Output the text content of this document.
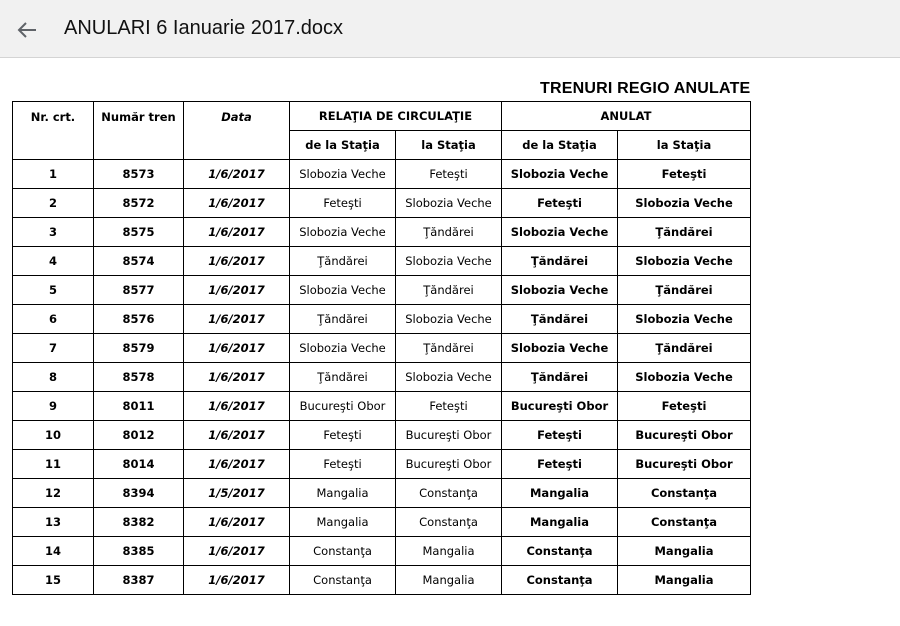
ANULARI 6 Ianuarie 2017.docx
TRENURI REGIO ANULATE
Nr. crt.	Număr tren	Data	RELAŢIA DE CIRCULAŢIE		ANULAT	
			de la Staţia	la Staţia	de la Staţia	la Staţia
1	8573	1/6/2017	Slobozia Veche	Feteşti	Slobozia Veche	Feteşti
2	8572	1/6/2017	Feteşti	Slobozia Veche	Feteşti	Slobozia Veche
3	8575	1/6/2017	Slobozia Veche	Ţăndărei	Slobozia Veche	Ţăndărei
4	8574	1/6/2017	Ţăndărei	Slobozia Veche	Ţăndărei	Slobozia Veche
5	8577	1/6/2017	Slobozia Veche	Ţăndărei	Slobozia Veche	Ţăndărei
6	8576	1/6/2017	Ţăndărei	Slobozia Veche	Ţăndărei	Slobozia Veche
7	8579	1/6/2017	Slobozia Veche	Ţăndărei	Slobozia Veche	Ţăndărei
8	8578	1/6/2017	Ţăndărei	Slobozia Veche	Ţăndărei	Slobozia Veche
9	8011	1/6/2017	Bucureşti Obor	Feteşti	Bucureşti Obor	Feteşti
10	8012	1/6/2017	Feteşti	Bucureşti Obor	Feteşti	Bucureşti Obor
11	8014	1/6/2017	Feteşti	Bucureşti Obor	Feteşti	Bucureşti Obor
12	8394	1/5/2017	Mangalia	Constanţa	Mangalia	Constanţa
13	8382	1/6/2017	Mangalia	Constanţa	Mangalia	Constanţa
14	8385	1/6/2017	Constanţa	Mangalia	Constanţa	Mangalia
15	8387	1/6/2017	Constanţa	Mangalia	Constanţa	Mangalia
